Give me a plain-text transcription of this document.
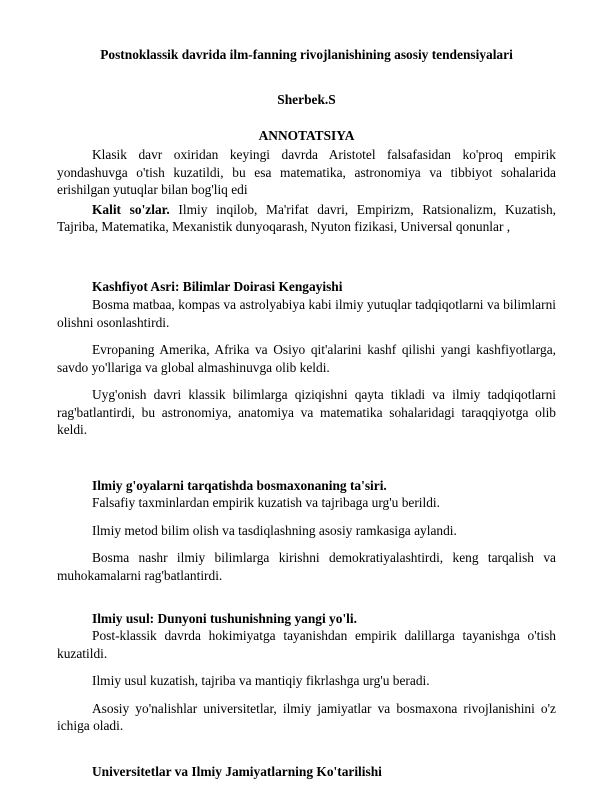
Postnoklassik davrida ilm-fanning rivojlanishining asosiy tendensiyalari
Sherbek.S
ANNOTATSIYA

Klasik davr oxiridan keyingi davrda Aristotel falsafasidan ko'proq empirik yondashuvga o'tish kuzatildi, bu esa matematika, astronomiya va tibbiyot sohalarida erishilgan yutuqlar bilan bog'liq edi

Kalit so'zlar. Ilmiy inqilob, Ma'rifat davri, Empirizm, Ratsionalizm, Kuzatish, Tajriba, Matematika, Mexanistik dunyoqarash, Nyuton fizikasi, Universal qonunlar ,

Kashfiyot Asri: Bilimlar Doirasi Kengayishi

Bosma matbaa, kompas va astrolyabiya kabi ilmiy yutuqlar tadqiqotlarni va bilimlarni olishni osonlashtirdi.

Evropaning Amerika, Afrika va Osiyo qit'alarini kashf qilishi yangi kashfiyotlarga, savdo yo'llariga va global almashinuvga olib keldi.

Uyg'onish davri klassik bilimlarga qiziqishni qayta tikladi va ilmiy tadqiqotlarni rag'batlantirdi, bu astronomiya, anatomiya va matematika sohalaridagi taraqqiyotga olib keldi.

Ilmiy g'oyalarni tarqatishda bosmaxonaning ta'siri.

Falsafiy taxminlardan empirik kuzatish va tajribaga urg'u berildi.

Ilmiy metod bilim olish va tasdiqlashning asosiy ramkasiga aylandi.

Bosma nashr ilmiy bilimlarga kirishni demokratiyalashtirdi, keng tarqalish va muhokamalarni rag'batlantirdi.

Ilmiy usul: Dunyoni tushunishning yangi yo'li.

Post-klassik davrda hokimiyatga tayanishdan empirik dalillarga tayanishga o'tish kuzatildi.

Ilmiy usul kuzatish, tajriba va mantiqiy fikrlashga urg'u beradi.

Asosiy yo'nalishlar universitetlar, ilmiy jamiyatlar va bosmaxona rivojlanishini o'z ichiga oladi.

Universitetlar va Ilmiy Jamiyatlarning Ko'tarilishi
